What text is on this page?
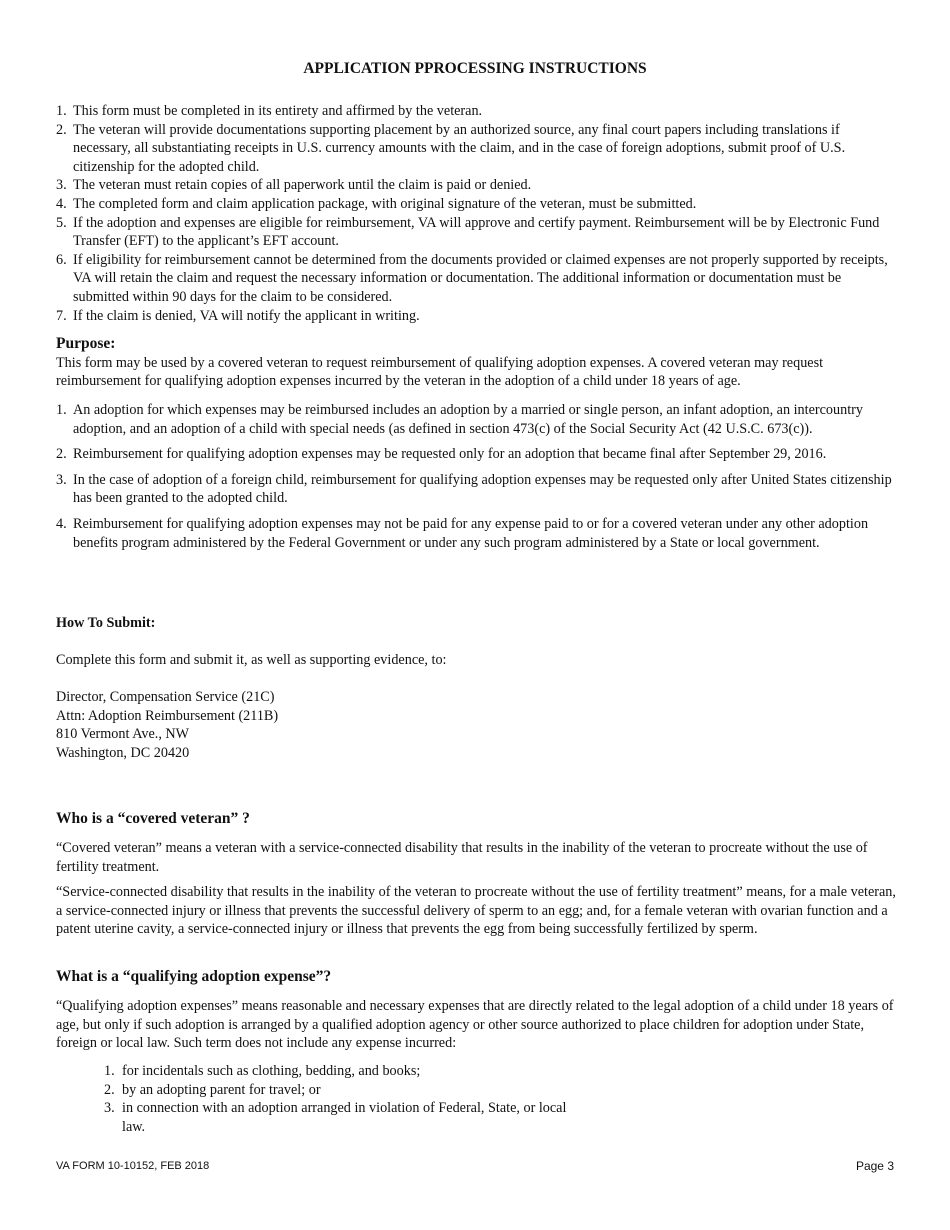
APPLICATION PPROCESSING INSTRUCTIONS
1. This form must be completed in its entirety and affirmed by the veteran.
2. The veteran will provide documentations supporting placement by an authorized source, any final court papers including translations if necessary, all substantiating receipts in U.S. currency amounts with the claim, and in the case of foreign adoptions, submit proof of U.S. citizenship for the adopted child.
3. The veteran must retain copies of all paperwork until the claim is paid or denied.
4. The completed form and claim application package, with original signature of the veteran, must be submitted.
5. If the adoption and expenses are eligible for reimbursement, VA will approve and certify payment. Reimbursement will be by Electronic Fund Transfer (EFT) to the applicant’s EFT account.
6. If eligibility for reimbursement cannot be determined from the documents provided or claimed expenses are not properly supported by receipts, VA will retain the claim and request the necessary information or documentation. The additional information or documentation must be submitted within 90 days for the claim to be considered.
7. If the claim is denied, VA will notify the applicant in writing.
Purpose:

This form may be used by a covered veteran to request reimbursement of qualifying adoption expenses. A covered veteran may request reimbursement for qualifying adoption expenses incurred by the veteran in the adoption of a child under 18 years of age.

1. An adoption for which expenses may be reimbursed includes an adoption by a married or single person, an infant adoption, an intercountry adoption, and an adoption of a child with special needs (as defined in section 473(c) of the Social Security Act (42 U.S.C. 673(c)).
2. Reimbursement for qualifying adoption expenses may be requested only for an adoption that became final after September 29, 2016.
3. In the case of adoption of a foreign child, reimbursement for qualifying adoption expenses may be requested only after United States citizenship has been granted to the adopted child.
4. Reimbursement for qualifying adoption expenses may not be paid for any expense paid to or for a covered veteran under any other adoption benefits program administered by the Federal Government or under any such program administered by a State or local government.
How To Submit:
Complete this form and submit it, as well as supporting evidence, to:
Director, Compensation Service (21C)
Attn: Adoption Reimbursement (211B)
810 Vermont Ave., NW
Washington, DC 20420
Who is a “covered veteran” ?

“Covered veteran” means a veteran with a service-connected disability that results in the inability of the veteran to procreate without the use of fertility treatment.

“Service-connected disability that results in the inability of the veteran to procreate without the use of fertility treatment” means, for a male veteran, a service-connected injury or illness that prevents the successful delivery of sperm to an egg; and, for a female veteran with ovarian function and a patent uterine cavity, a service-connected injury or illness that prevents the egg from being successfully fertilized by sperm.

What is a “qualifying adoption expense”?
“Qualifying adoption expenses” means reasonable and necessary expenses that are directly related to the legal adoption of a child under 18 years of age, but only if such adoption is arranged by a qualified adoption agency or other source authorized to place children for adoption under State, foreign or local law. Such term does not include any expense incurred:
1. for incidentals such as clothing, bedding, and books;
2. by an adopting parent for travel; or
3. in connection with an adoption arranged in violation of Federal, State, or local law.
VA FORM 10-10152, FEB 2018	Page 3
